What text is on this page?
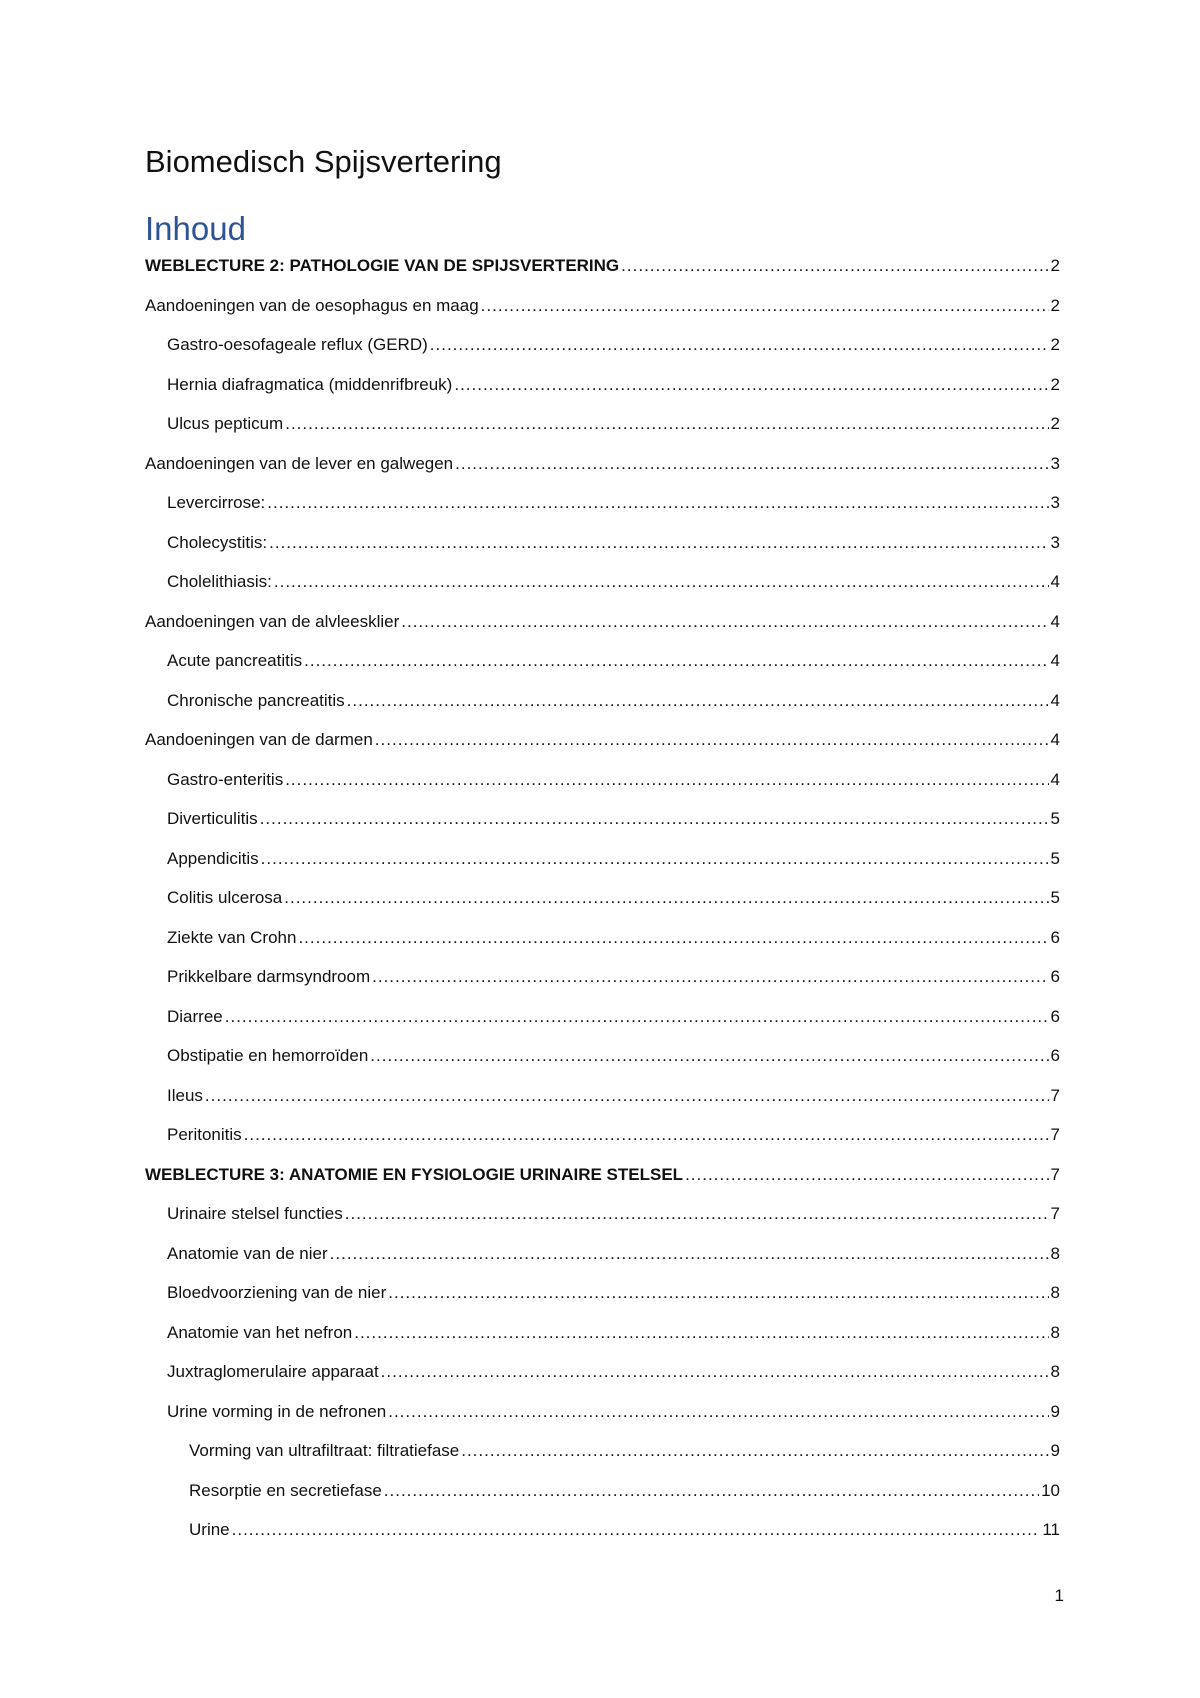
Biomedisch Spijsvertering
Inhoud
WEBLECTURE 2: PATHOLOGIE VAN DE SPIJSVERTERING .....	2
Aandoeningen van de oesophagus en maag .....	2
Gastro-oesofageale reflux (GERD) .....	2
Hernia diafragmatica (middenrifbreuk) .....	2
Ulcus pepticum .....	2
Aandoeningen van de lever en galwegen .....	3
Levercirrose: .....	3
Cholecystitis: .....	3
Cholelithiasis: .....	4
Aandoeningen van de alvleesklier .....	4
Acute pancreatitis .....	4
Chronische pancreatitis .....	4
Aandoeningen van de darmen .....	4
Gastro-enteritis .....	4
Diverticulitis .....	5
Appendicitis .....	5
Colitis ulcerosa .....	5
Ziekte van Crohn .....	6
Prikkelbare darmsyndroom .....	6
Diarree .....	6
Obstipatie en hemorroïden .....	6
Ileus .....	7
Peritonitis .....	7
WEBLECTURE 3: ANATOMIE EN FYSIOLOGIE URINAIRE STELSEL .....	7
Urinaire stelsel functies .....	7
Anatomie van de nier .....	8
Bloedvoorziening van de nier .....	8
Anatomie van het nefron .....	8
Juxtraglomerulaire apparaat .....	8
Urine vorming in de nefronen .....	9
Vorming van ultrafiltraat: filtratiefase .....	9
Resorptie en secretiefase .....	10
Urine .....	11
1
